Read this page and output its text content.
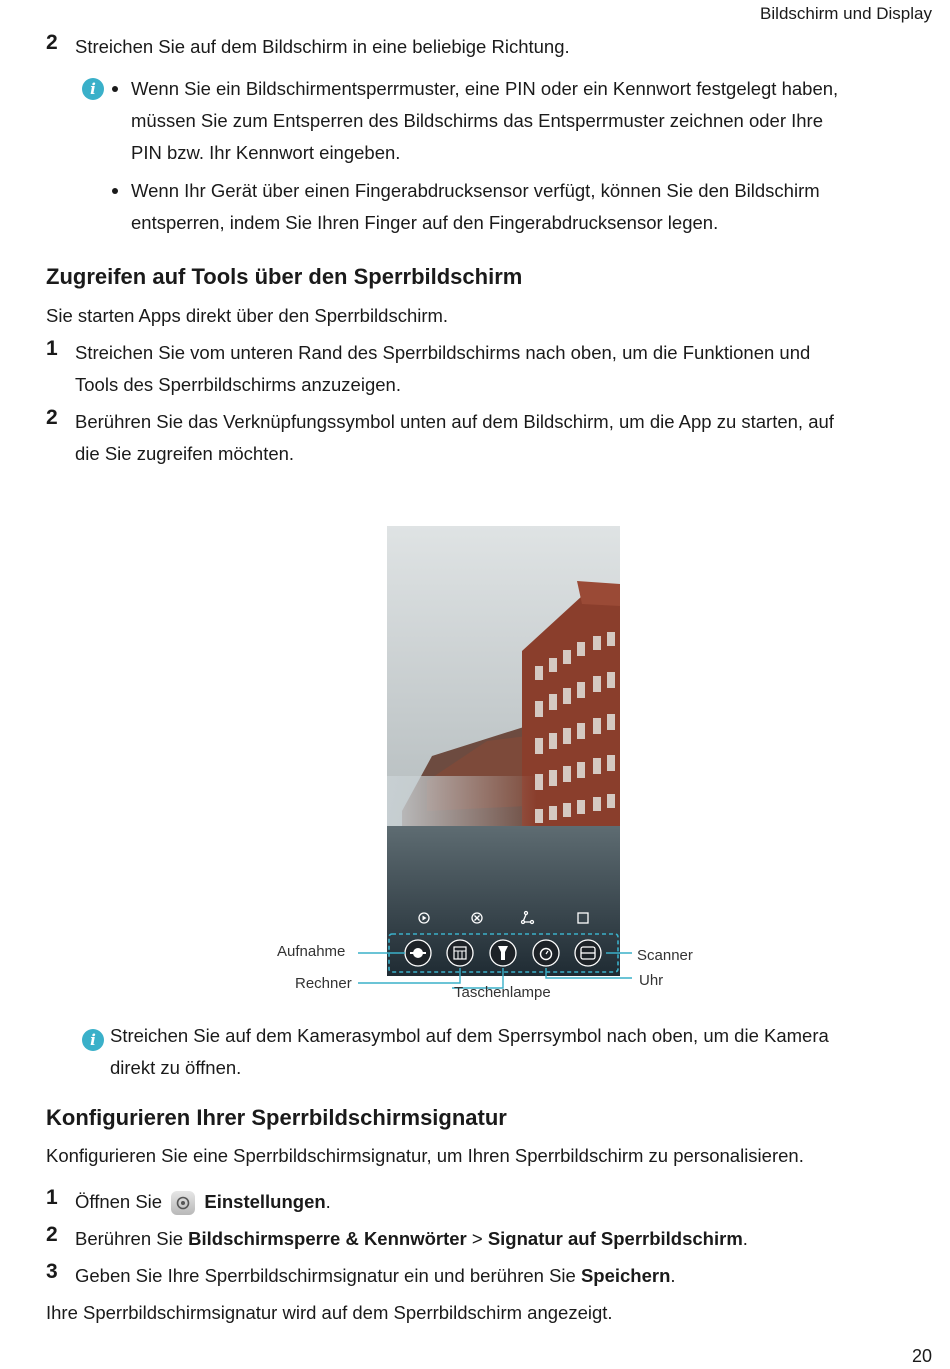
Bildschirm und Display
2 Streichen Sie auf dem Bildschirm in eine beliebige Richtung.
i	Wenn Sie ein Bildschirmentsperrmuster, eine PIN oder ein Kennwort festgelegt haben,
müssen Sie zum Entsperren des Bildschirms das Entsperrmuster zeichnen oder Ihre
PIN bzw. Ihr Kennwort eingeben.
Wenn Ihr Gerät über einen Fingerabdrucksensor verfügt, können Sie den Bildschirm
entsperren, indem Sie Ihren Finger auf den Fingerabdrucksensor legen.
Zugreifen auf Tools über den Sperrbildschirm
Sie starten Apps direkt über den Sperrbildschirm.
1 Streichen Sie vom unteren Rand des Sperrbildschirms nach oben, um die Funktionen und
Tools des Sperrbildschirms anzuzeigen.
2 Berühren Sie das Verknüpfungssymbol unten auf dem Bildschirm, um die App zu starten, auf
die Sie zugreifen möchten.
Aufnahme
Rechner
Taschenlampe
Scanner
Uhr
i Streichen Sie auf dem Kamerasymbol auf dem Sperrsymbol nach oben, um die Kamera
direkt zu öffnen.
Konfigurieren Ihrer Sperrbildschirmsignatur
Konfigurieren Sie eine Sperrbildschirmsignatur, um Ihren Sperrbildschirm zu personalisieren.
1 Öffnen Sie Einstellungen.
2 Berühren Sie Bildschirmsperre & Kennwörter > Signatur auf Sperrbildschirm.
3 Geben Sie Ihre Sperrbildschirmsignatur ein und berühren Sie Speichern.
Ihre Sperrbildschirmsignatur wird auf dem Sperrbildschirm angezeigt.
20
